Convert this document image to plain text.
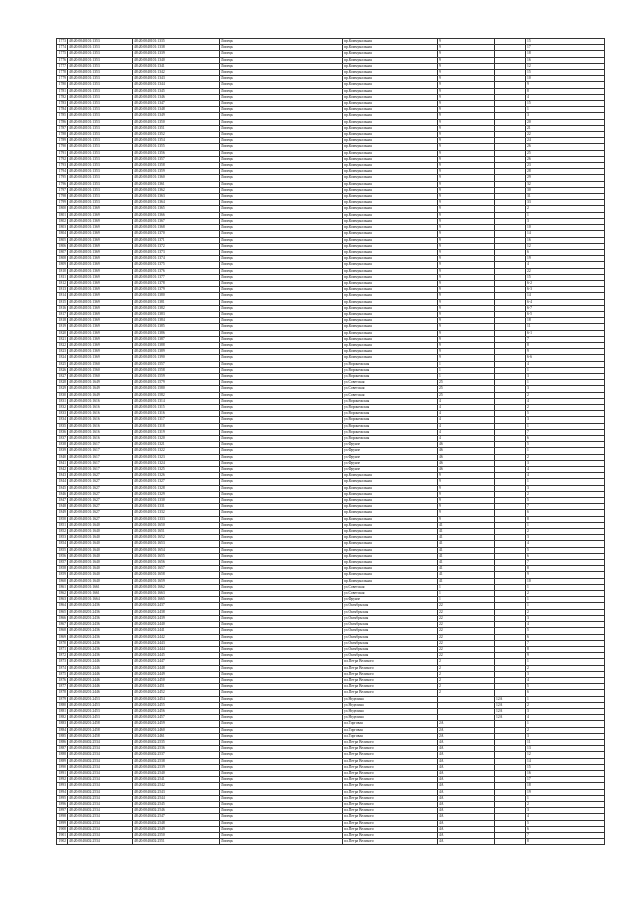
1773	48:20:0040101:1353	48:20:0040101:1335	Липецк	пр.Коммунальная	9		15
1774	48:20:0040101:1353	48:20:0040101:1338	Липецк	пр.Коммунальная	9		17
1775	48:20:0040101:1353	48:20:0040101:1339	Липецк	пр.Коммунальная	9		18
1776	48:20:0040101:1353	48:20:0040101:1340	Липецк	пр.Коммунальная	9		16
1777	48:20:0040101:1353	48:20:0040101:1341	Липецк	пр.Коммунальная	9		12
1778	48:20:0040101:1353	48:20:0040101:1342	Липецк	пр.Коммунальная	9		15
1779	48:20:0040101:1353	48:20:0040101:1343	Липецк	пр.Коммунальная	9		10
1780	48:20:0040101:1353	48:20:0040101:1344	Липецк	пр.Коммунальная	9		9
1781	48:20:0040101:1353	48:20:0040101:1345	Липецк	пр.Коммунальная	9		8
1782	48:20:0040101:1353	48:20:0040101:1346	Липецк	пр.Коммунальная	9		4
1783	48:20:0040101:1353	48:20:0040101:1347	Липецк	пр.Коммунальная	9		15
1784	48:20:0040101:1353	48:20:0040101:1348	Липецк	пр.Коммунальная	9		1
1785	48:20:0040101:1353	48:20:0040101:1349	Липецк	пр.Коммунальная	9		3
1786	48:20:0040101:1353	48:20:0040101:1350	Липецк	пр.Коммунальная	9		20
1787	48:20:0040101:1353	48:20:0040101:1351	Липецк	пр.Коммунальная	9		21
1788	48:20:0040101:1353	48:20:0040101:1352	Липецк	пр.Коммунальная	9		22
1789	48:20:0040101:1353	48:20:0040101:1354	Липецк	пр.Коммунальная	9		24
1790	48:20:0040101:1353	48:20:0040101:1355	Липецк	пр.Коммунальная	9		26
1791	48:20:0040101:1353	48:20:0040101:1356	Липецк	пр.Коммунальная	9		25
1792	48:20:0040101:1353	48:20:0040101:1357	Липецк	пр.Коммунальная	9		26
1793	48:20:0040101:1353	48:20:0040101:1358	Липецк	пр.Коммунальная	9		23
1794	48:20:0040101:1353	48:20:0040101:1359	Липецк	пр.Коммунальная	9		28
1795	48:20:0040101:1353	48:20:0040101:1360	Липецк	пр.Коммунальная	9		29
1796	48:20:0040101:1353	48:20:0040101:1361	Липецк	пр.Коммунальная	9		32
1797	48:20:0040101:1353	48:20:0040101:1362	Липецк	пр.Коммунальная	9		30
1798	48:20:0040101:1353	48:20:0040101:1363	Липецк	пр.Коммунальная	9		31
1799	48:20:0040101:1353	48:20:0040101:1364	Липецк	пр.Коммунальная	9		33
1800	48:20:0040101:1369	48:20:0040101:1365	Липецк	пр.Коммунальная	9		2
1801	48:20:0040101:1369	48:20:0040101:1366	Липецк	пр.Коммунальная	9		1
1802	48:20:0040101:1369	48:20:0040101:1367	Липецк	пр.Коммунальная	9		3
1803	48:20:0040101:1369	48:20:0040101:1368	Липецк	пр.Коммунальная	9		10
1804	48:20:0040101:1369	48:20:0040101:1370	Липецк	пр.Коммунальная	9		14
1805	48:20:0040101:1369	48:20:0040101:1371	Липецк	пр.Коммунальная	9		16
1806	48:20:0040101:1369	48:20:0040101:1372	Липецк	пр.Коммунальная	9		12
1807	48:20:0040101:1369	48:20:0040101:1373	Липецк	пр.Коммунальная	9		6
1808	48:20:0040101:1369	48:20:0040101:1374	Липецк	пр.Коммунальная	9		19
1809	48:20:0040101:1369	48:20:0040101:1375	Липецк	пр.Коммунальная	9		4
1810	48:20:0040101:1369	48:20:0040101:1376	Липецк	пр.Коммунальная	9		22
1811	48:20:0040101:1369	48:20:0040101:1377	Липецк	пр.Коммунальная	9		15
1812	48:20:0040101:1369	48:20:0040101:1378	Липецк	пр.Коммунальная	9		6-2
1813	48:20:0040101:1369	48:20:0040101:1379	Липецк	пр.Коммунальная	9		6-3
1814	48:20:0040101:1369	48:20:0040101:1380	Липецк	пр.Коммунальная	9		14
1815	48:20:0040101:1369	48:20:0040101:1381	Липецк	пр.Коммунальная	9		6-4
1816	48:20:0040101:1369	48:20:0040101:1382	Липецк	пр.Коммунальная	9		6-7
1817	48:20:0040101:1369	48:20:0040101:1383	Липецк	пр.Коммунальная	9		6-5
1818	48:20:0040101:1369	48:20:0040101:1384	Липецк	пр.Коммунальная	9		18
1819	48:20:0040101:1369	48:20:0040101:1385	Липецк	пр.Коммунальная	9		11
1820	48:20:0040101:1369	48:20:0040101:1386	Липецк	пр.Коммунальная	9		6-1
1821	48:20:0040101:1369	48:20:0040101:1387	Липецк	пр.Коммунальная	9		7
1822	48:20:0040101:1369	48:20:0040101:1388	Липецк	пр.Коммунальная	9		8
1823	48:20:0040101:1369	48:20:0040101:1389	Липецк	пр.Коммунальная	9		9
1824	48:20:0040101:1369	48:20:0040101:1390	Липецк	пр.Коммунальная	9		6-6
1825	48:20:0040101:1560	48:20:0040101:1557	Липецк	ул.Воронежская	1		4
1826	48:20:0040101:1560	48:20:0040101:1558	Липецк	ул.Воронежская	1		1
1827	48:20:0040101:1560	48:20:0040101:1559	Липецк	ул.Воронежская	1		3
1828	48:20:0040101:1649	48:20:0040101:1579	Липецк	ул.Советская	25		1
1829	48:20:0040101:1649	48:20:0040101:1580	Липецк	ул.Советская	25		3
1830	48:20:0040101:1649	48:20:0040101:1582	Липецк	ул.Советская	25		2
1831	48:20:0040101:1616	48:20:0040101:1314	Липецк	ул.Воронежская	4		4
1832	48:20:0040101:1616	48:20:0040101:1315	Липецк	ул.Воронежская	4		2
1833	48:20:0040101:1616	48:20:0040101:1316	Липецк	ул.Воронежская	4		5
1834	48:20:0040101:1616	48:20:0040101:1317	Липецк	ул.Воронежская	4		3
1835	48:20:0040101:1616	48:20:0040101:1318	Липецк	ул.Воронежская	4		1
1836	48:20:0040101:1616	48:20:0040101:1319	Липецк	ул.Воронежская	4		7
1837	48:20:0040101:1616	48:20:0040101:1320	Липецк	ул.Воронежская	4		6
1838	48:20:0040101:1617	48:20:0040101:1321	Липецк	ул.Фрунзе	46		5
1839	48:20:0040101:1617	48:20:0040101:1322	Липецк	ул.Фрунзе	46		1
1840	48:20:0040101:1617	48:20:0040101:1323	Липецк	ул.Фрунзе	46		2
1841	48:20:0040101:1617	48:20:0040101:1324	Липецк	ул.Фрунзе	46		3
1842	48:20:0040101:1617	48:20:0040101:1325	Липецк	ул.Фрунзе	46		4
1843	48:20:0040101:1627	48:20:0040101:1326	Липецк	пр.Коммунальная	9		4
1844	48:20:0040101:1627	48:20:0040101:1327	Липецк	пр.Коммунальная	9		1
1845	48:20:0040101:1627	48:20:0040101:1328	Липецк	пр.Коммунальная	9		3
1846	48:20:0040101:1627	48:20:0040101:1329	Липецк	пр.Коммунальная	9		2
1847	48:20:0040101:1627	48:20:0040101:1330	Липецк	пр.Коммунальная	9		5
1848	48:20:0040101:1627	48:20:0040101:1331	Липецк	пр.Коммунальная	9		7
1849	48:20:0040101:1627	48:20:0040101:1332	Липецк	пр.Коммунальная	9		6
1850	48:20:0040101:1627	48:20:0040101:1333	Липецк	пр.Коммунальная	9		8
1851	48:20:0040101:1640	48:20:0040101:1650	Липецк	пр.Коммунальная	41		1
1852	48:20:0040101:1640	48:20:0040101:1651	Липецк	пр.Коммунальная	41		2
1853	48:20:0040101:1640	48:20:0040101:1652	Липецк	пр.Коммунальная	41		3
1854	48:20:0040101:1640	48:20:0040101:1653	Липецк	пр.Коммунальная	41		4
1855	48:20:0040101:1640	48:20:0040101:1654	Липецк	пр.Коммунальная	41		5
1856	48:20:0040101:1640	48:20:0040101:1655	Липецк	пр.Коммунальная	41		6
1857	48:20:0040101:1640	48:20:0040101:1656	Липецк	пр.Коммунальная	41		7
1858	48:20:0040101:1640	48:20:0040101:1657	Липецк	пр.Коммунальная	41		8
1859	48:20:0040101:1640	48:20:0040101:1658	Липецк	пр.Коммунальная	41		9
1860	48:20:0040101:1640	48:20:0040101:1659	Липецк	пр.Коммунальная	41		10
1861	48:20:0040101:1661	48:20:0040101:1662	Липецк	ул.Советская	1		1
1862	48:20:0040101:1661	48:20:0040101:1663	Липецк	ул.Советская	1		2
1863	48:20:0040101:1664	48:20:0040101:1665	Липецк	ул.Фрунзе	1		1
1864	48:20:0040201:2436	48:20:0040201:2437	Липецк	ул.Октябрьская	22		1
1865	48:20:0040201:2436	48:20:0040201:2438	Липецк	ул.Октябрьская	22		2
1866	48:20:0040201:2436	48:20:0040201:2439	Липецк	ул.Октябрьская	22		3
1867	48:20:0040201:2436	48:20:0040201:2440	Липецк	ул.Октябрьская	22		4
1868	48:20:0040201:2436	48:20:0040201:2441	Липецк	ул.Октябрьская	22		5
1869	48:20:0040201:2436	48:20:0040201:2442	Липецк	ул.Октябрьская	22		6
1870	48:20:0040201:2436	48:20:0040201:2443	Липецк	ул.Октябрьская	22		7
1871	48:20:0040201:2436	48:20:0040201:2444	Липецк	ул.Октябрьская	22		8
1872	48:20:0040201:2436	48:20:0040201:2445	Липецк	ул.Октябрьская	22		9
1873	48:20:0040201:2446	48:20:0040201:2447	Липецк	пл.Петра Великого	2		1
1874	48:20:0040201:2446	48:20:0040201:2448	Липецк	пл.Петра Великого	2		2
1875	48:20:0040201:2446	48:20:0040201:2449	Липецк	пл.Петра Великого	2		3
1876	48:20:0040201:2446	48:20:0040201:2450	Липецк	пл.Петра Великого	2		4
1877	48:20:0040201:2446	48:20:0040201:2451	Липецк	пл.Петра Великого	2		5
1878	48:20:0040201:2446	48:20:0040201:2452	Липецк	пл.Петра Великого	2		6
1879	48:20:0040201:2453	48:20:0040201:2454	Липецк	ул.Неделина		12А	1
1880	48:20:0040201:2453	48:20:0040201:2455	Липецк	ул.Неделина		12А	2
1881	48:20:0040201:2453	48:20:0040201:2456	Липецк	ул.Неделина		12А	3
1882	48:20:0040201:2453	48:20:0040201:2457	Липецк	ул.Неделина		12А	4
1883	48:20:0040201:2458	48:20:0040201:2459	Липецк	пл.Торговая	2А		1
1884	48:20:0040201:2458	48:20:0040201:2460	Липецк	пл.Торговая	2А		2
1885	48:20:0040201:2458	48:20:0040201:2461	Липецк	пл.Торговая	2А		3
1886	48:20:0040402:2534	48:20:0040402:2535	Липецк	пл.Петра Великого	4А		11
1887	48:20:0040402:2534	48:20:0040402:2536	Липецк	пл.Петра Великого	4А		13
1888	48:20:0040402:2534	48:20:0040402:2537	Липецк	пл.Петра Великого	4А		12
1889	48:20:0040402:2534	48:20:0040402:2538	Липецк	пл.Петра Великого	4А		14
1890	48:20:0040402:2534	48:20:0040402:2539	Липецк	пл.Петра Великого	4А		15
1891	48:20:0040402:2534	48:20:0040402:2540	Липецк	пл.Петра Великого	4А		16
1892	48:20:0040402:2534	48:20:0040402:2541	Липецк	пл.Петра Великого	4А		17
1893	48:20:0040402:2534	48:20:0040402:2542	Липецк	пл.Петра Великого	4А		18
1894	48:20:0040402:2534	48:20:0040402:2543	Липецк	пл.Петра Великого	4А		19
1895	48:20:0040402:2534	48:20:0040402:2544	Липецк	пл.Петра Великого	4А		1
1896	48:20:0040402:2534	48:20:0040402:2545	Липецк	пл.Петра Великого	4А		2
1897	48:20:0040402:2534	48:20:0040402:2546	Липецк	пл.Петра Великого	4А		3
1898	48:20:0040402:2534	48:20:0040402:2547	Липецк	пл.Петра Великого	4А		4
1899	48:20:0040402:2534	48:20:0040402:2548	Липецк	пл.Петра Великого	4А		5
1900	48:20:0040402:2534	48:20:0040402:2549	Липецк	пл.Петра Великого	4А		6
1901	48:20:0040402:2534	48:20:0040402:2550	Липецк	пл.Петра Великого	4А		7
1902	48:20:0040402:2534	48:20:0040402:2551	Липецк	пл.Петра Великого	4А		8
